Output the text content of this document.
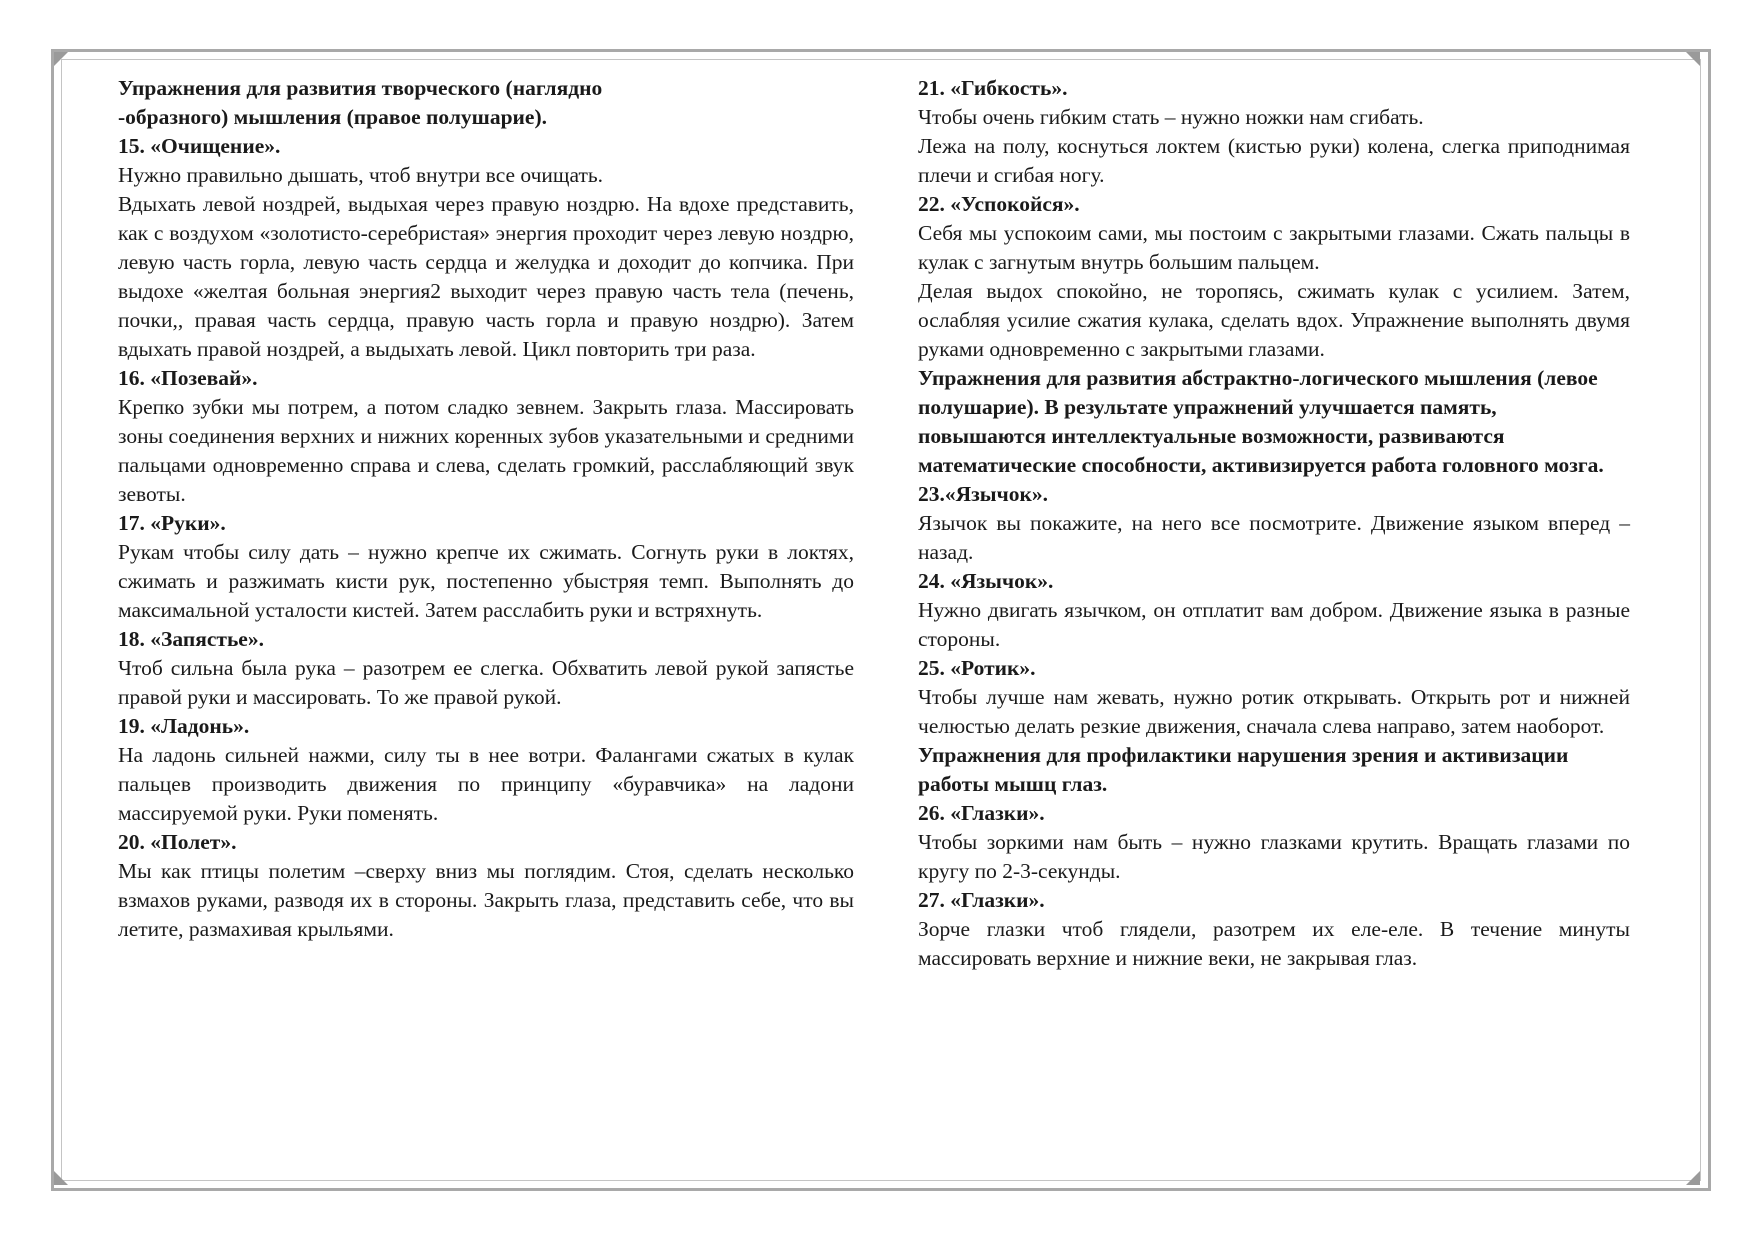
Упражнения для развития творческого (наглядно

-образного) мышления (правое полушарие).

15. «Очищение».

Нужно правильно дышать, чтоб внутри все очищать.

Вдыхать левой ноздрей, выдыхая через правую ноздрю. На вдохе представить, как с воздухом «золотисто-серебристая» энергия проходит через левую ноздрю, левую часть горла, левую часть сердца и желудка и доходит до копчика. При выдохе «желтая больная энергия2 выходит через правую часть тела (печень, почки,, правая часть сердца, правую часть горла и правую ноздрю). Затем вдыхать правой ноздрей, а выдыхать левой. Цикл повторить три раза.

16. «Позевай».

Крепко зубки мы потрем, а потом сладко зевнем. Закрыть глаза. Массировать зоны соединения верхних и нижних коренных зубов указательными и средними пальцами одновременно справа и слева, сделать громкий, расслабляющий звук зевоты.

17. «Руки».

Рукам чтобы силу дать – нужно крепче их сжимать. Согнуть руки в локтях, сжимать и разжимать кисти рук, постепенно убыстряя темп. Выполнять до максимальной усталости кистей. Затем расслабить руки и встряхнуть.

18. «Запястье».

Чтоб сильна была рука – разотрем ее слегка. Обхватить левой рукой запястье правой руки и массировать. То же правой рукой.

19. «Ладонь».

На ладонь сильней нажми, силу ты в нее вотри. Фалангами сжатых в кулак пальцев производить движения по принципу «буравчика» на ладони массируемой руки. Руки поменять.

20. «Полет».

Мы как птицы полетим –сверху вниз мы поглядим. Стоя, сделать несколько взмахов руками, разводя их в стороны. Закрыть глаза, представить себе, что вы летите, размахивая крыльями.

21. «Гибкость».

Чтобы очень гибким стать – нужно ножки нам сгибать.

Лежа на полу, коснуться локтем (кистью руки) колена, слегка приподнимая плечи и сгибая ногу.

22. «Успокойся».

Себя мы успокоим сами, мы постоим с закрытыми глазами. Сжать пальцы в кулак с загнутым внутрь большим пальцем.

Делая выдох спокойно, не торопясь, сжимать кулак с усилием. Затем, ослабляя усилие сжатия кулака, сделать вдох. Упражнение выполнять двумя руками одновременно с закрытыми глазами.

Упражнения для развития абстрактно-логического мышления (левое полушарие). В результате упражнений улучшается память, повышаются интеллектуальные возможности, развиваются математические способности, активизируется работа головного мозга.

23.«Язычок».

Язычок вы покажите, на него все посмотрите. Движение языком вперед – назад.

24. «Язычок».

Нужно двигать язычком, он отплатит вам добром. Движение языка в разные стороны.

25. «Ротик».

Чтобы лучше нам жевать, нужно ротик открывать. Открыть рот и нижней челюстью делать резкие движения, сначала слева направо, затем наоборот.

Упражнения для профилактики нарушения зрения и активизации работы мышц глаз.

26. «Глазки».

Чтобы зоркими нам быть – нужно глазками крутить. Вращать глазами по кругу по 2-3-секунды.

27. «Глазки».

Зорче глазки чтоб глядели, разотрем их еле-еле. В течение минуты массировать верхние и нижние веки, не закрывая глаз.
